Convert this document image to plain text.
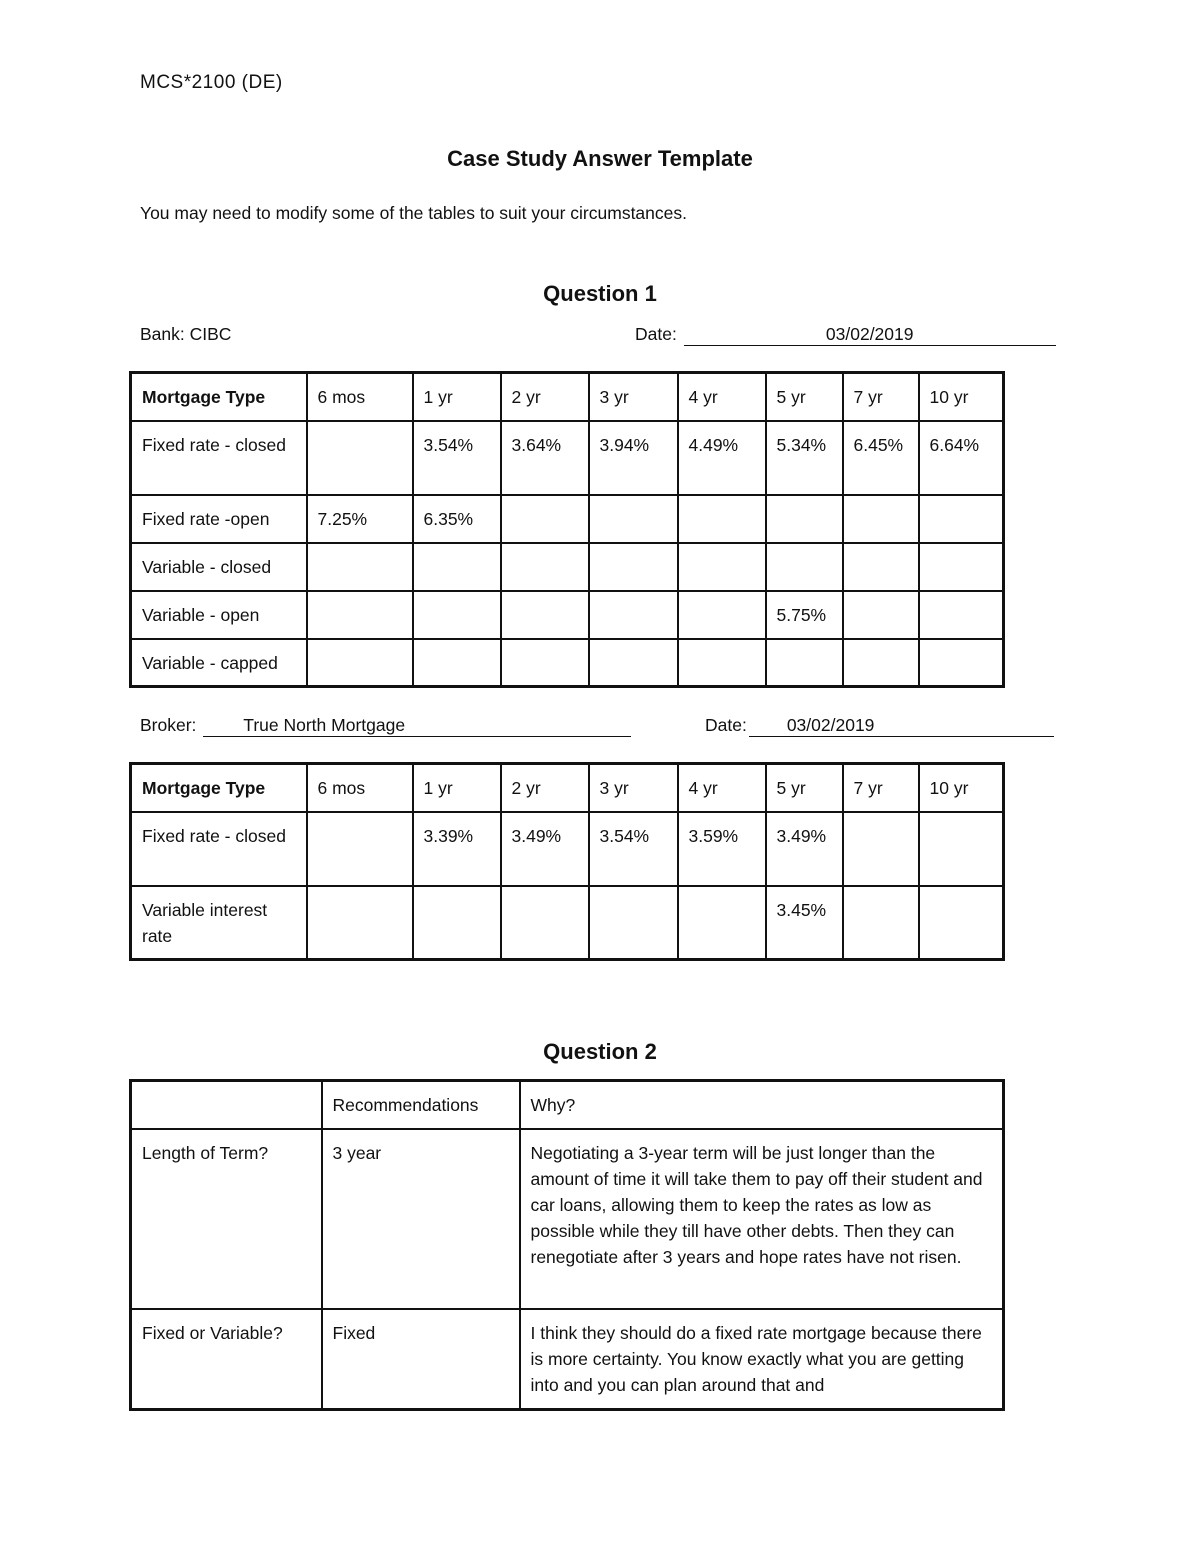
MCS*2100 (DE)
Case Study Answer Template
You may need to modify some of the tables to suit your circumstances.
Question 1
Bank: CIBC	Date:	03/02/2019
Mortgage Type	6 mos	1 yr	2 yr	3 yr	4 yr	5 yr	7 yr	10 yr

Fixed rate - closed		3.54%	3.64%	3.94%	4.49%	5.34%	6.45%	6.64%

Fixed rate -open	7.25%	6.35%						

Variable - closed								

Variable - open						5.75%		

Variable - capped								

Broker:	True North Mortgage	Date: 03/02/2019
Mortgage Type	6 mos	1 yr	2 yr	3 yr	4 yr	5 yr	7 yr	10 yr

Fixed rate - closed		3.39%	3.49%	3.54%	3.59%	3.49%		

Variable interest rate						3.45%		

Question 2

	Recommendations	Why?

Length of Term?	3 year	Negotiating a 3-year term will be just longer than the amount of time it will take them to pay off their student and car loans, allowing them to keep the rates as low as possible while they till have other debts. Then they can renegotiate after 3 years and hope rates have not risen.

Fixed or Variable?	Fixed	I think they should do a fixed rate mortgage because there is more certainty. You know exactly what you are getting into and you can plan around that and
